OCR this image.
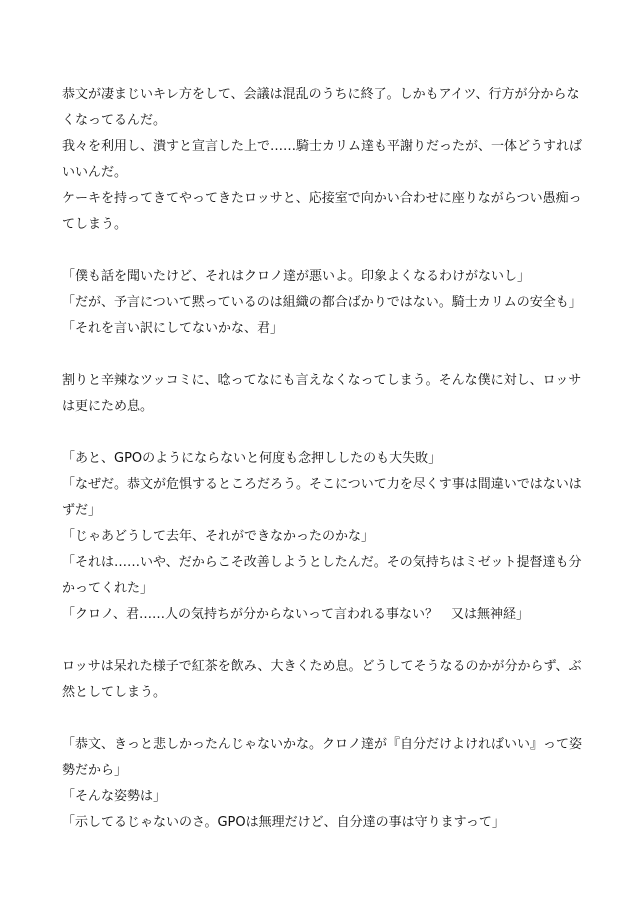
恭文が凄まじいキレ方をして、会議は混乱のうちに終了。しかもアイツ、行方が分からなくなってるんだ。

我々を利用し、潰すと宣言した上で……騎士カリム達も平謝りだったが、一体どうすればいいんだ。

ケーキを持ってきてやってきたロッサと、応接室で向かい合わせに座りながらつい愚痴ってしまう。

「僕も話を聞いたけど、それはクロノ達が悪いよ。印象よくなるわけがないし」

「だが、予言について黙っているのは組織の都合ばかりではない。騎士カリムの安全も」

「それを言い訳にしてないかな、君」

割りと辛辣なツッコミに、唸ってなにも言えなくなってしまう。そんな僕に対し、ロッサは更にため息。

「あと、GPOのようにならないと何度も念押ししたのも大失敗」

「なぜだ。恭文が危惧するところだろう。そこについて力を尽くす事は間違いではないはずだ」

「じゃあどうして去年、それができなかったのかな」

「それは……いや、だからこそ改善しようとしたんだ。その気持ちはミゼット提督達も分かってくれた」

「クロノ、君……人の気持ちが分からないって言われる事ない？　又は無神経」

ロッサは呆れた様子で紅茶を飲み、大きくため息。どうしてそうなるのかが分からず、ぶ然としてしまう。

「恭文、きっと悲しかったんじゃないかな。クロノ達が『自分だけよければいい』って姿勢だから」

「そんな姿勢は」

「示してるじゃないのさ。GPOは無理だけど、自分達の事は守りますって」
